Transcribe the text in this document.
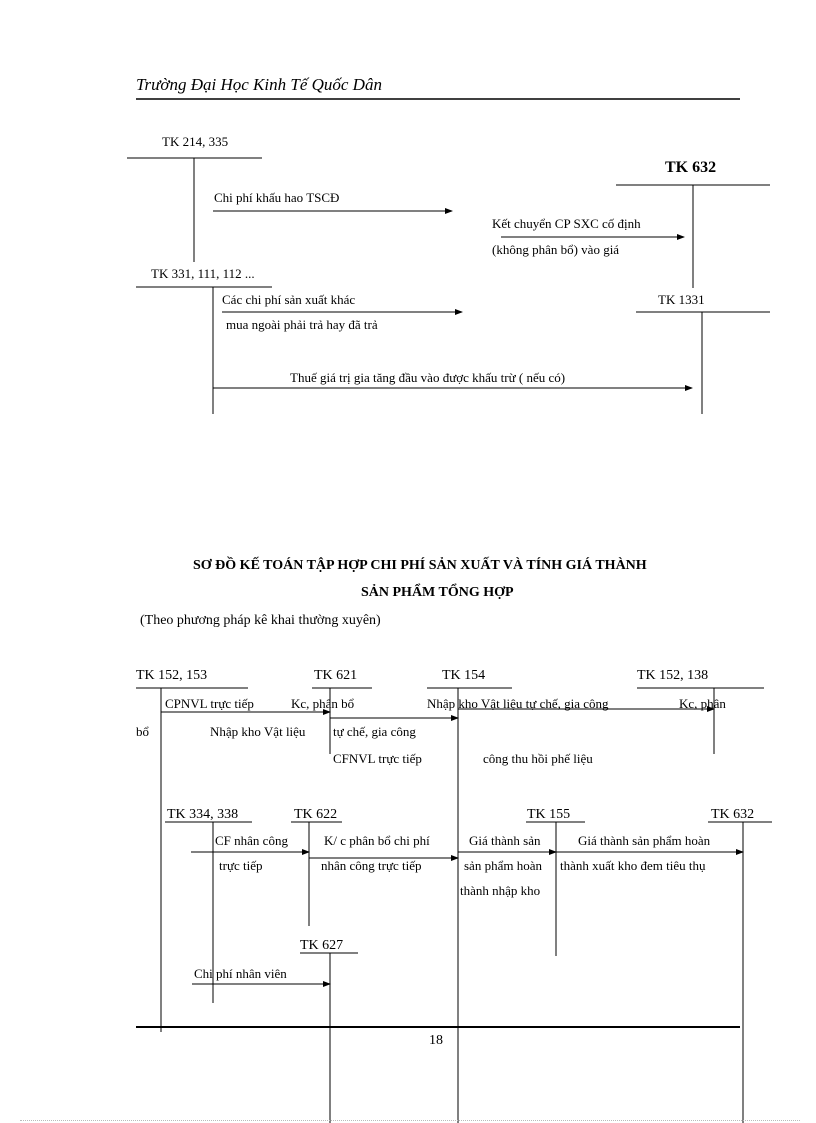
Trường Đại Học Kinh Tế Quốc Dân
TK 214, 335
TK 632
Chi phí khấu hao TSCĐ
Kết chuyển CP SXC cố định
(không phân bổ) vào giá
TK 331, 111, 112 ...
TK 1331
Các chi phí sản xuất khác
mua ngoài phải trả hay đã trả
Thuế giá trị gia tăng đầu vào được khấu trừ ( nếu có)
SƠ ĐỒ KẾ TOÁN TẬP HỢP CHI PHÍ SẢN XUẤT VÀ TÍNH GIÁ THÀNH
SẢN PHẨM TỔNG HỢP
(Theo phương pháp kê khai thường xuyên)
TK 152, 153	TK 621	TK 154	TK 152, 138
CPNVL trực tiếp	Kc, phân bổ	Nhập kho Vật liệu tự chế, gia công	Kc, phân
bổ	Nhập kho Vật liệu tự chế, gia công
CFNVL trực tiếp	công thu hồi phế liệu
TK 334, 338	TK 622	TK 155	TK 632
CF nhân công
trực tiếp
K/ c phân bổ chi phí
nhân công trực tiếp
Giá thành sản
sản phẩm hoàn
thành nhập kho
Giá thành sản phẩm hoàn
thành xuất kho đem tiêu thụ
TK 627
Chi phí nhân viên
18
